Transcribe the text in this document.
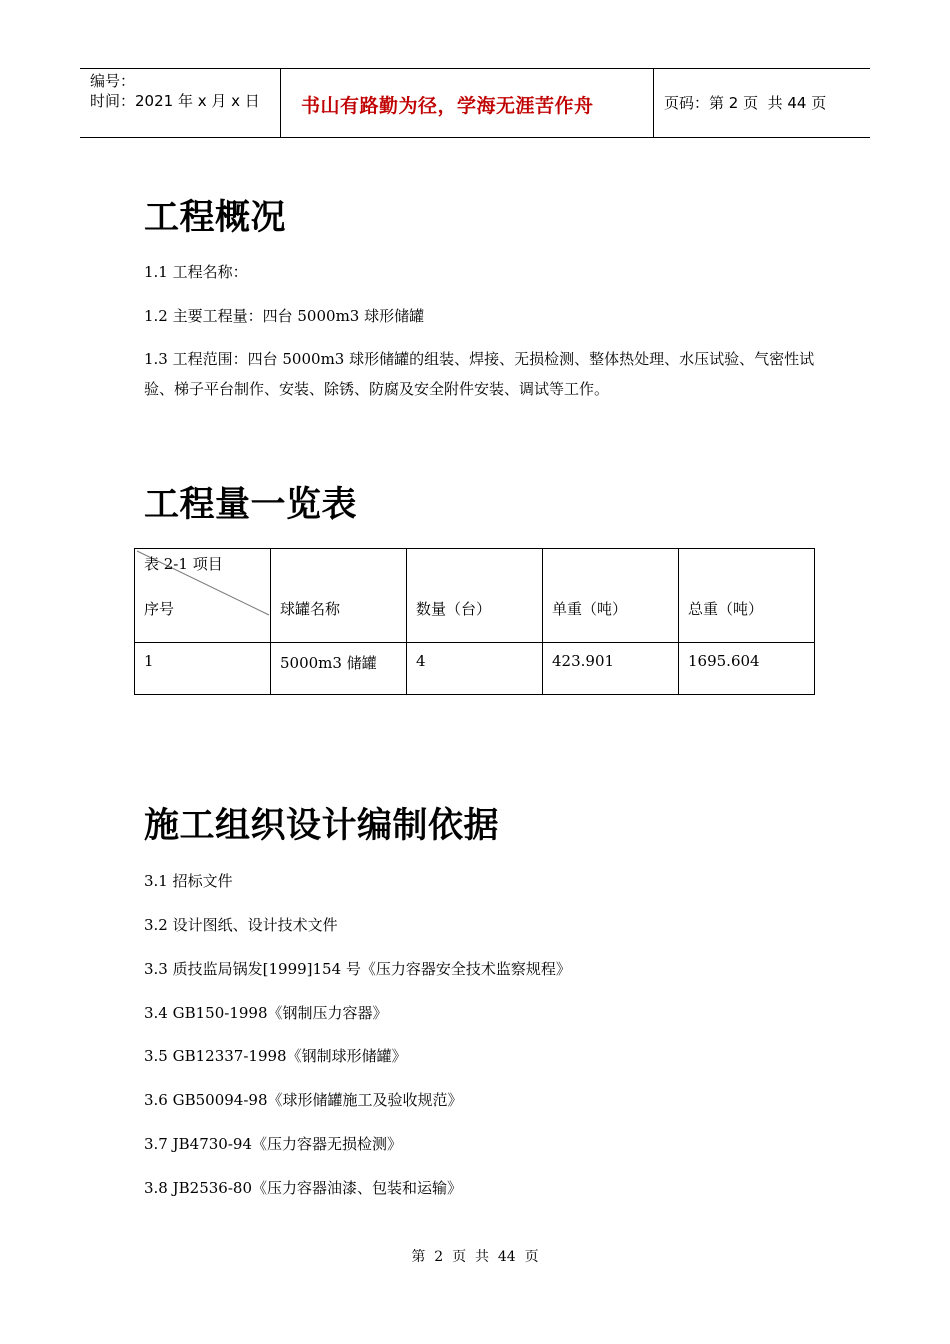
编号：
时间：2021 年 x 月 x 日	书山有路勤为径，学海无涯苦作舟	页码：第 2 页  共 44 页
工程概况

1.1 工程名称：

1.2 主要工程量：四台 5000m3 球形储罐

1.3 工程范围：四台 5000m3 球形储罐的组装、焊接、无损检测、整体热处理、水压试验、气密性试验、梯子平台制作、安装、除锈、防腐及安全附件安装、调试等工作。

工程量一览表
表 2-1 项目
序号	球罐名称	数量（台）	单重（吨）	总重（吨）

1	5000m3 储罐	4	423.901	1695.604
施工组织设计编制依据

3.1 招标文件

3.2 设计图纸、设计技术文件

3.3 质技监局锅发[1999]154 号《压力容器安全技术监察规程》

3.4 GB150-1998《钢制压力容器》

3.5 GB12337-1998《钢制球形储罐》

3.6 GB50094-98《球形储罐施工及验收规范》

3.7 JB4730-94《压力容器无损检测》

3.8 JB2536-80《压力容器油漆、包装和运输》

第  2  页  共  44  页
